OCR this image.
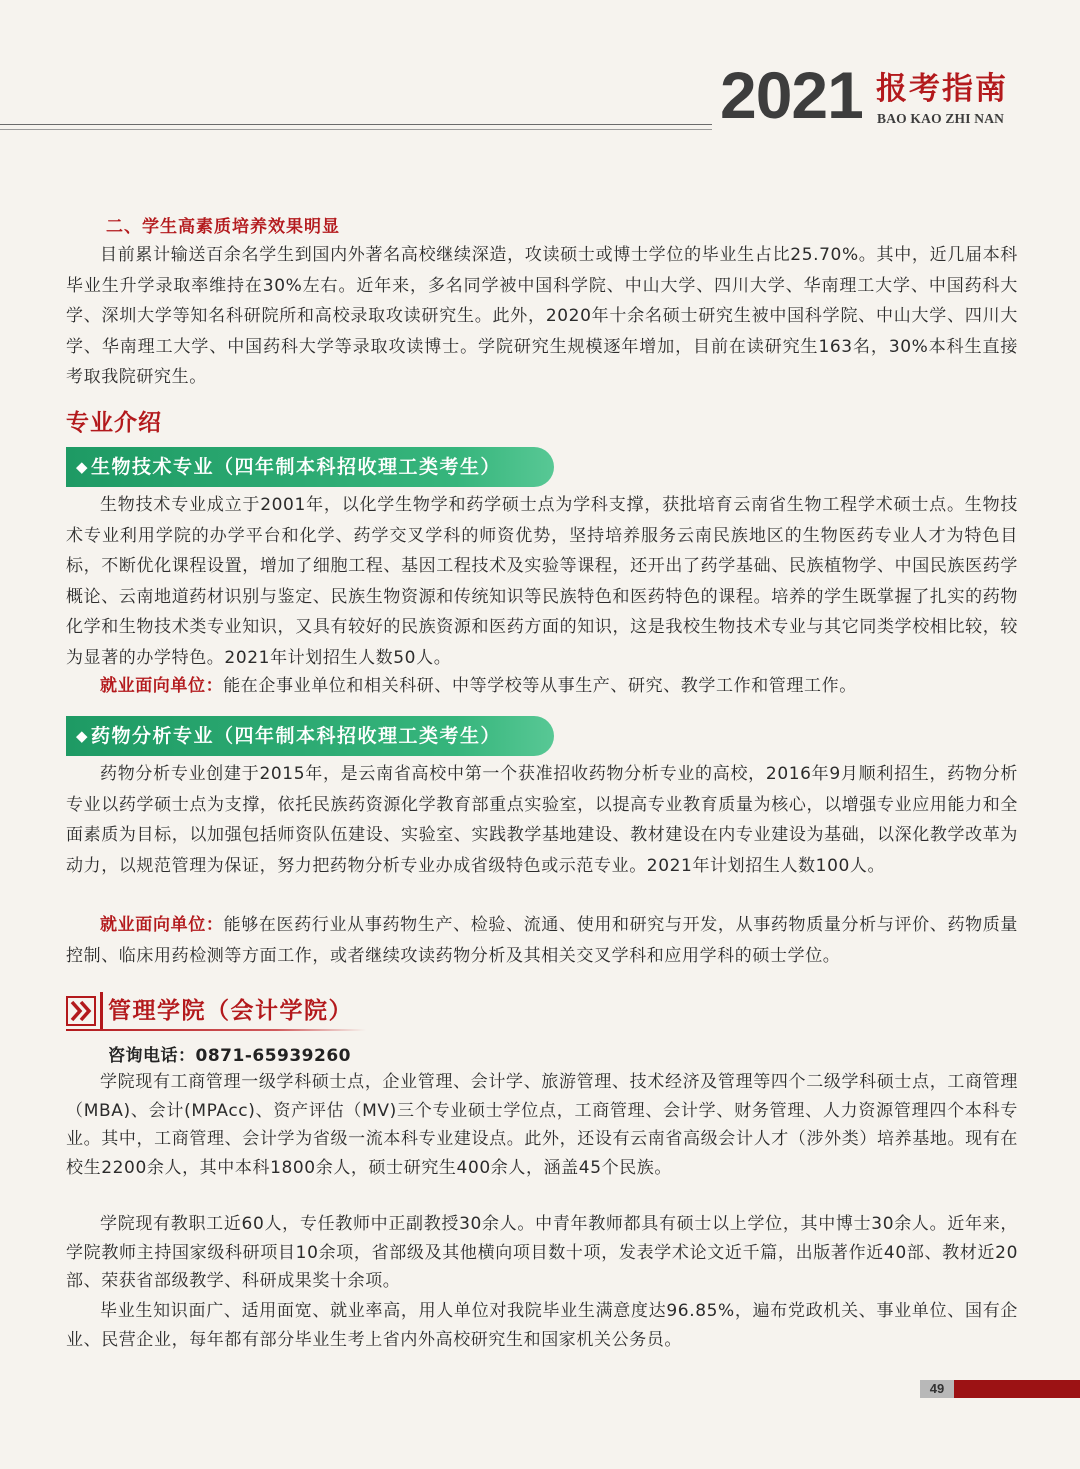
2021 报考指南
BAO KAO ZHI NAN
二、学生高素质培养效果明显

目前累计输送百余名学生到国内外著名高校继续深造，攻读硕士或博士学位的毕业生占比25.70%。其中，近几届本科毕业生升学录取率维持在30%左右。近年来，多名同学被中国科学院、中山大学、四川大学、华南理工大学、中国药科大学、深圳大学等知名科研院所和高校录取攻读研究生。此外，2020年十余名硕士研究生被中国科学院、中山大学、四川大学、华南理工大学、中国药科大学等录取攻读博士。学院研究生规模逐年增加，目前在读研究生163名，30%本科生直接考取我院研究生。

专业介绍
◆ 生物技术专业（四年制本科招收理工类考生）

生物技术专业成立于2001年，以化学生物学和药学硕士点为学科支撑，获批培育云南省生物工程学术硕士点。生物技术专业利用学院的办学平台和化学、药学交叉学科的师资优势，坚持培养服务云南民族地区的生物医药专业人才为特色目标，不断优化课程设置，增加了细胞工程、基因工程技术及实验等课程，还开出了药学基础、民族植物学、中国民族医药学概论、云南地道药材识别与鉴定、民族生物资源和传统知识等民族特色和医药特色的课程。培养的学生既掌握了扎实的药物化学和生物技术类专业知识，又具有较好的民族资源和医药方面的知识，这是我校生物技术专业与其它同类学校相比较，较为显著的办学特色。2021年计划招生人数50人。

就业面向单位：能在企事业单位和相关科研、中等学校等从事生产、研究、教学工作和管理工作。

◆ 药物分析专业（四年制本科招收理工类考生）

药物分析专业创建于2015年，是云南省高校中第一个获准招收药物分析专业的高校，2016年9月顺利招生，药物分析专业以药学硕士点为支撑，依托民族药资源化学教育部重点实验室，以提高专业教育质量为核心，以增强专业应用能力和全面素质为目标，以加强包括师资队伍建设、实验室、实践教学基地建设、教材建设在内专业建设为基础，以深化教学改革为动力，以规范管理为保证，努力把药物分析专业办成省级特色或示范专业。2021年计划招生人数100人。

就业面向单位：能够在医药行业从事药物生产、检验、流通、使用和研究与开发，从事药物质量分析与评价、药物质量控制、临床用药检测等方面工作，或者继续攻读药物分析及其相关交叉学科和应用学科的硕士学位。

管理学院（会计学院）
咨询电话：0871-65939260

学院现有工商管理一级学科硕士点，企业管理、会计学、旅游管理、技术经济及管理等四个二级学科硕士点，工商管理（MBA)、会计(MPAcc)、资产评估（MV)三个专业硕士学位点，工商管理、会计学、财务管理、人力资源管理四个本科专业。其中，工商管理、会计学为省级一流本科专业建设点。此外，还设有云南省高级会计人才（涉外类）培养基地。现有在校生2200余人，其中本科1800余人，硕士研究生400余人，涵盖45个民族。

学院现有教职工近60人，专任教师中正副教授30余人。中青年教师都具有硕士以上学位，其中博士30余人。近年来，学院教师主持国家级科研项目10余项，省部级及其他横向项目数十项，发表学术论文近千篇，出版著作近40部、教材近20部、荣获省部级教学、科研成果奖十余项。

毕业生知识面广、适用面宽、就业率高，用人单位对我院毕业生满意度达96.85%，遍布党政机关、事业单位、国有企业、民营企业，每年都有部分毕业生考上省内外高校研究生和国家机关公务员。

49
